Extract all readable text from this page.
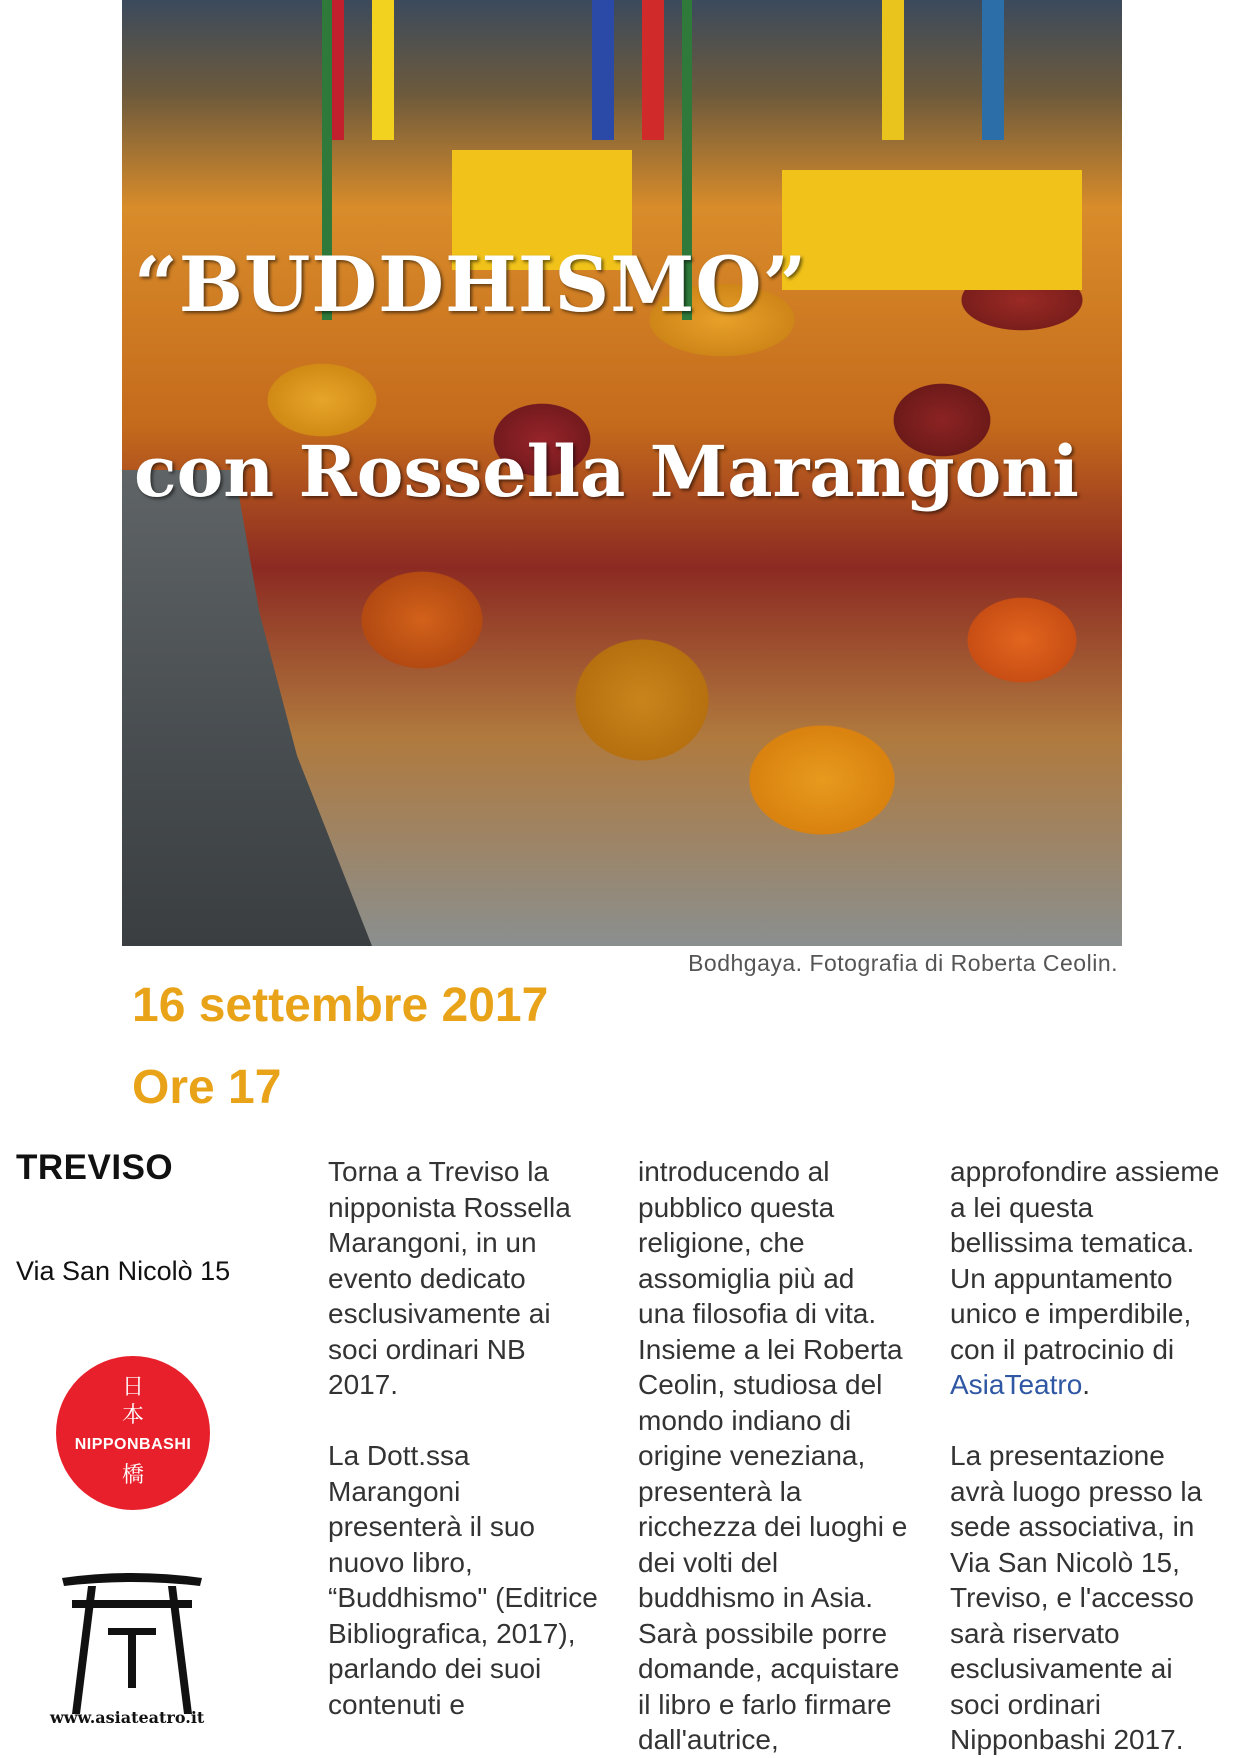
“BUDDHISMO”
con Rossella Marangoni

Bodhgaya. Fotografia di Roberta Ceolin.

16 settembre 2017
Ore 17
TREVISO

Via San Nicolò 15

日
本
NIPPONBASHI
橋

www.asiateatro.it

Torna a Treviso la nipponista Rossella Marangoni, in un evento dedicato esclusivamente ai soci ordinari NB 2017.

La Dott.ssa Marangoni presenterà il suo nuovo libro, “Buddhismo" (Editrice Bibliografica, 2017), parlando dei suoi contenuti e

introducendo al pubblico questa religione, che assomiglia più ad una filosofia di vita. Insieme a lei Roberta Ceolin, studiosa del mondo indiano di origine veneziana, presenterà la ricchezza dei luoghi e dei volti del buddhismo in Asia. Sarà possibile porre domande, acquistare il libro e farlo firmare dall'autrice,

approfondire assieme a lei questa bellissima tematica. Un appuntamento unico e imperdibile, con il patrocinio di AsiaTeatro.

La presentazione avrà luogo presso la sede associativa, in Via San Nicolò 15, Treviso, e l'accesso sarà riservato esclusivamente ai soci ordinari Nipponbashi 2017.
